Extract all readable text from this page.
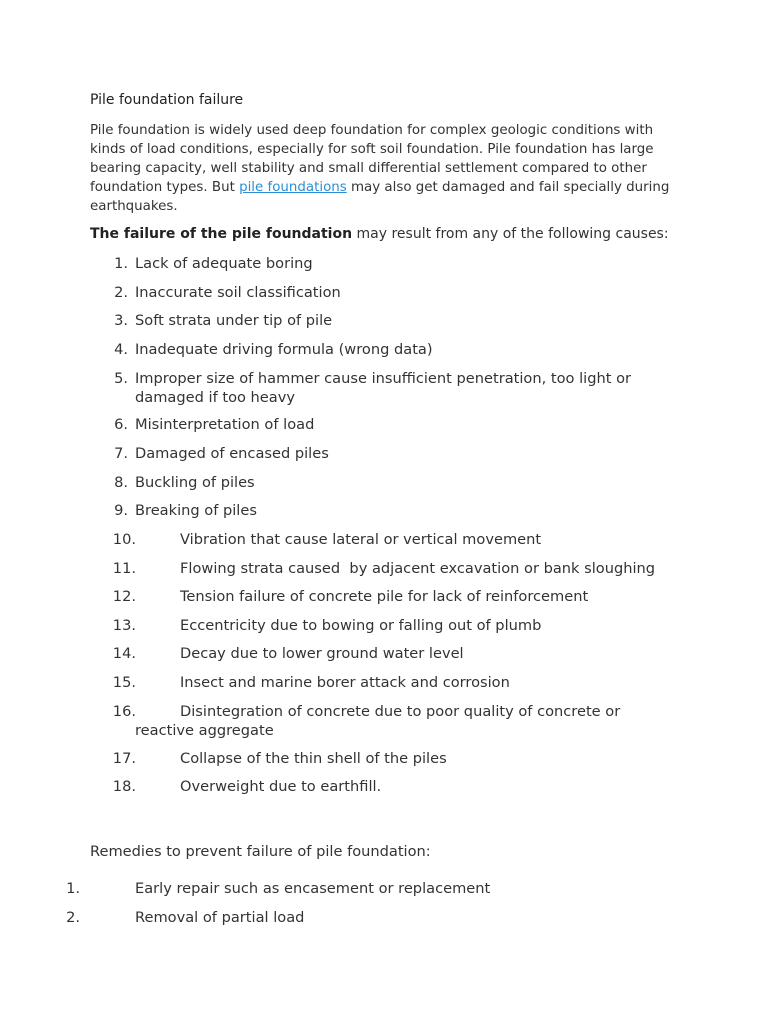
Pile foundation failure

Pile foundation is widely used deep foundation for complex geologic conditions with kinds of load conditions, especially for soft soil foundation. Pile foundation has large bearing capacity, well stability and small differential settlement compared to other foundation types. But pile foundations may also get damaged and fail specially during earthquakes.

The failure of the pile foundation may result from any of the following causes:
1. Lack of adequate boring
2. Inaccurate soil classification
3. Soft strata under tip of pile
4. Inadequate driving formula (wrong data)
5. Improper size of hammer cause insufficient penetration, too light or
damaged if too heavy
6. Misinterpretation of load
7. Damaged of encased piles
8. Buckling of piles
9. Breaking of piles
10.	Vibration that cause lateral or vertical movement
11.	Flowing strata caused  by adjacent excavation or bank sloughing
12.	Tension failure of concrete pile for lack of reinforcement
13.	Eccentricity due to bowing or falling out of plumb
14.	Decay due to lower ground water level
15.	Insect and marine borer attack and corrosion
16.	Disintegration of concrete due to poor quality of concrete or
reactive aggregate
17.	Collapse of the thin shell of the piles
18.	Overweight due to earthfill.
Remedies to prevent failure of pile foundation:
1.	Early repair such as encasement or replacement
2.	Removal of partial load
